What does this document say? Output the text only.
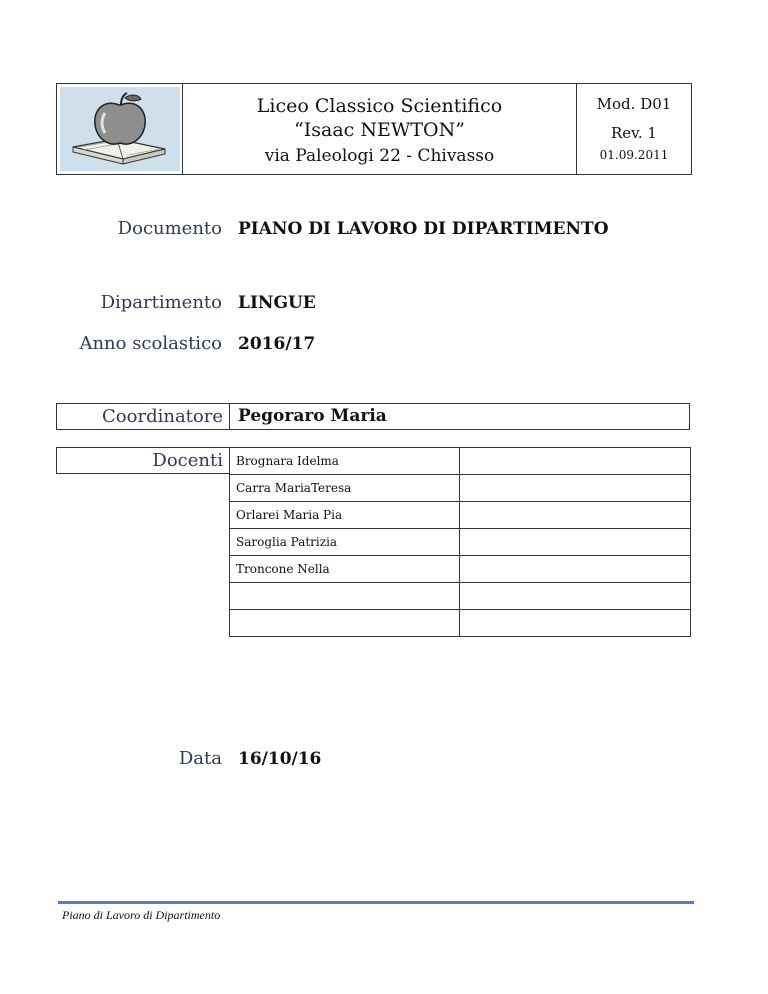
Liceo Classico Scientifico
“Isaac NEWTON”
via Paleologi 22 - Chivasso
Mod. D01
Rev. 1
01.09.2011
Documento PIANO DI LAVORO DI DIPARTIMENTO
Dipartimento LINGUE
Anno scolastico 2016/17
Coordinatore Pegoraro Maria
Docenti	Brognara Idelma	
Carra MariaTeresa	
Orlarei Maria Pia	
Saroglia Patrizia	
Troncone Nella	

Data 16/10/16
Piano di Lavoro di Dipartimento
